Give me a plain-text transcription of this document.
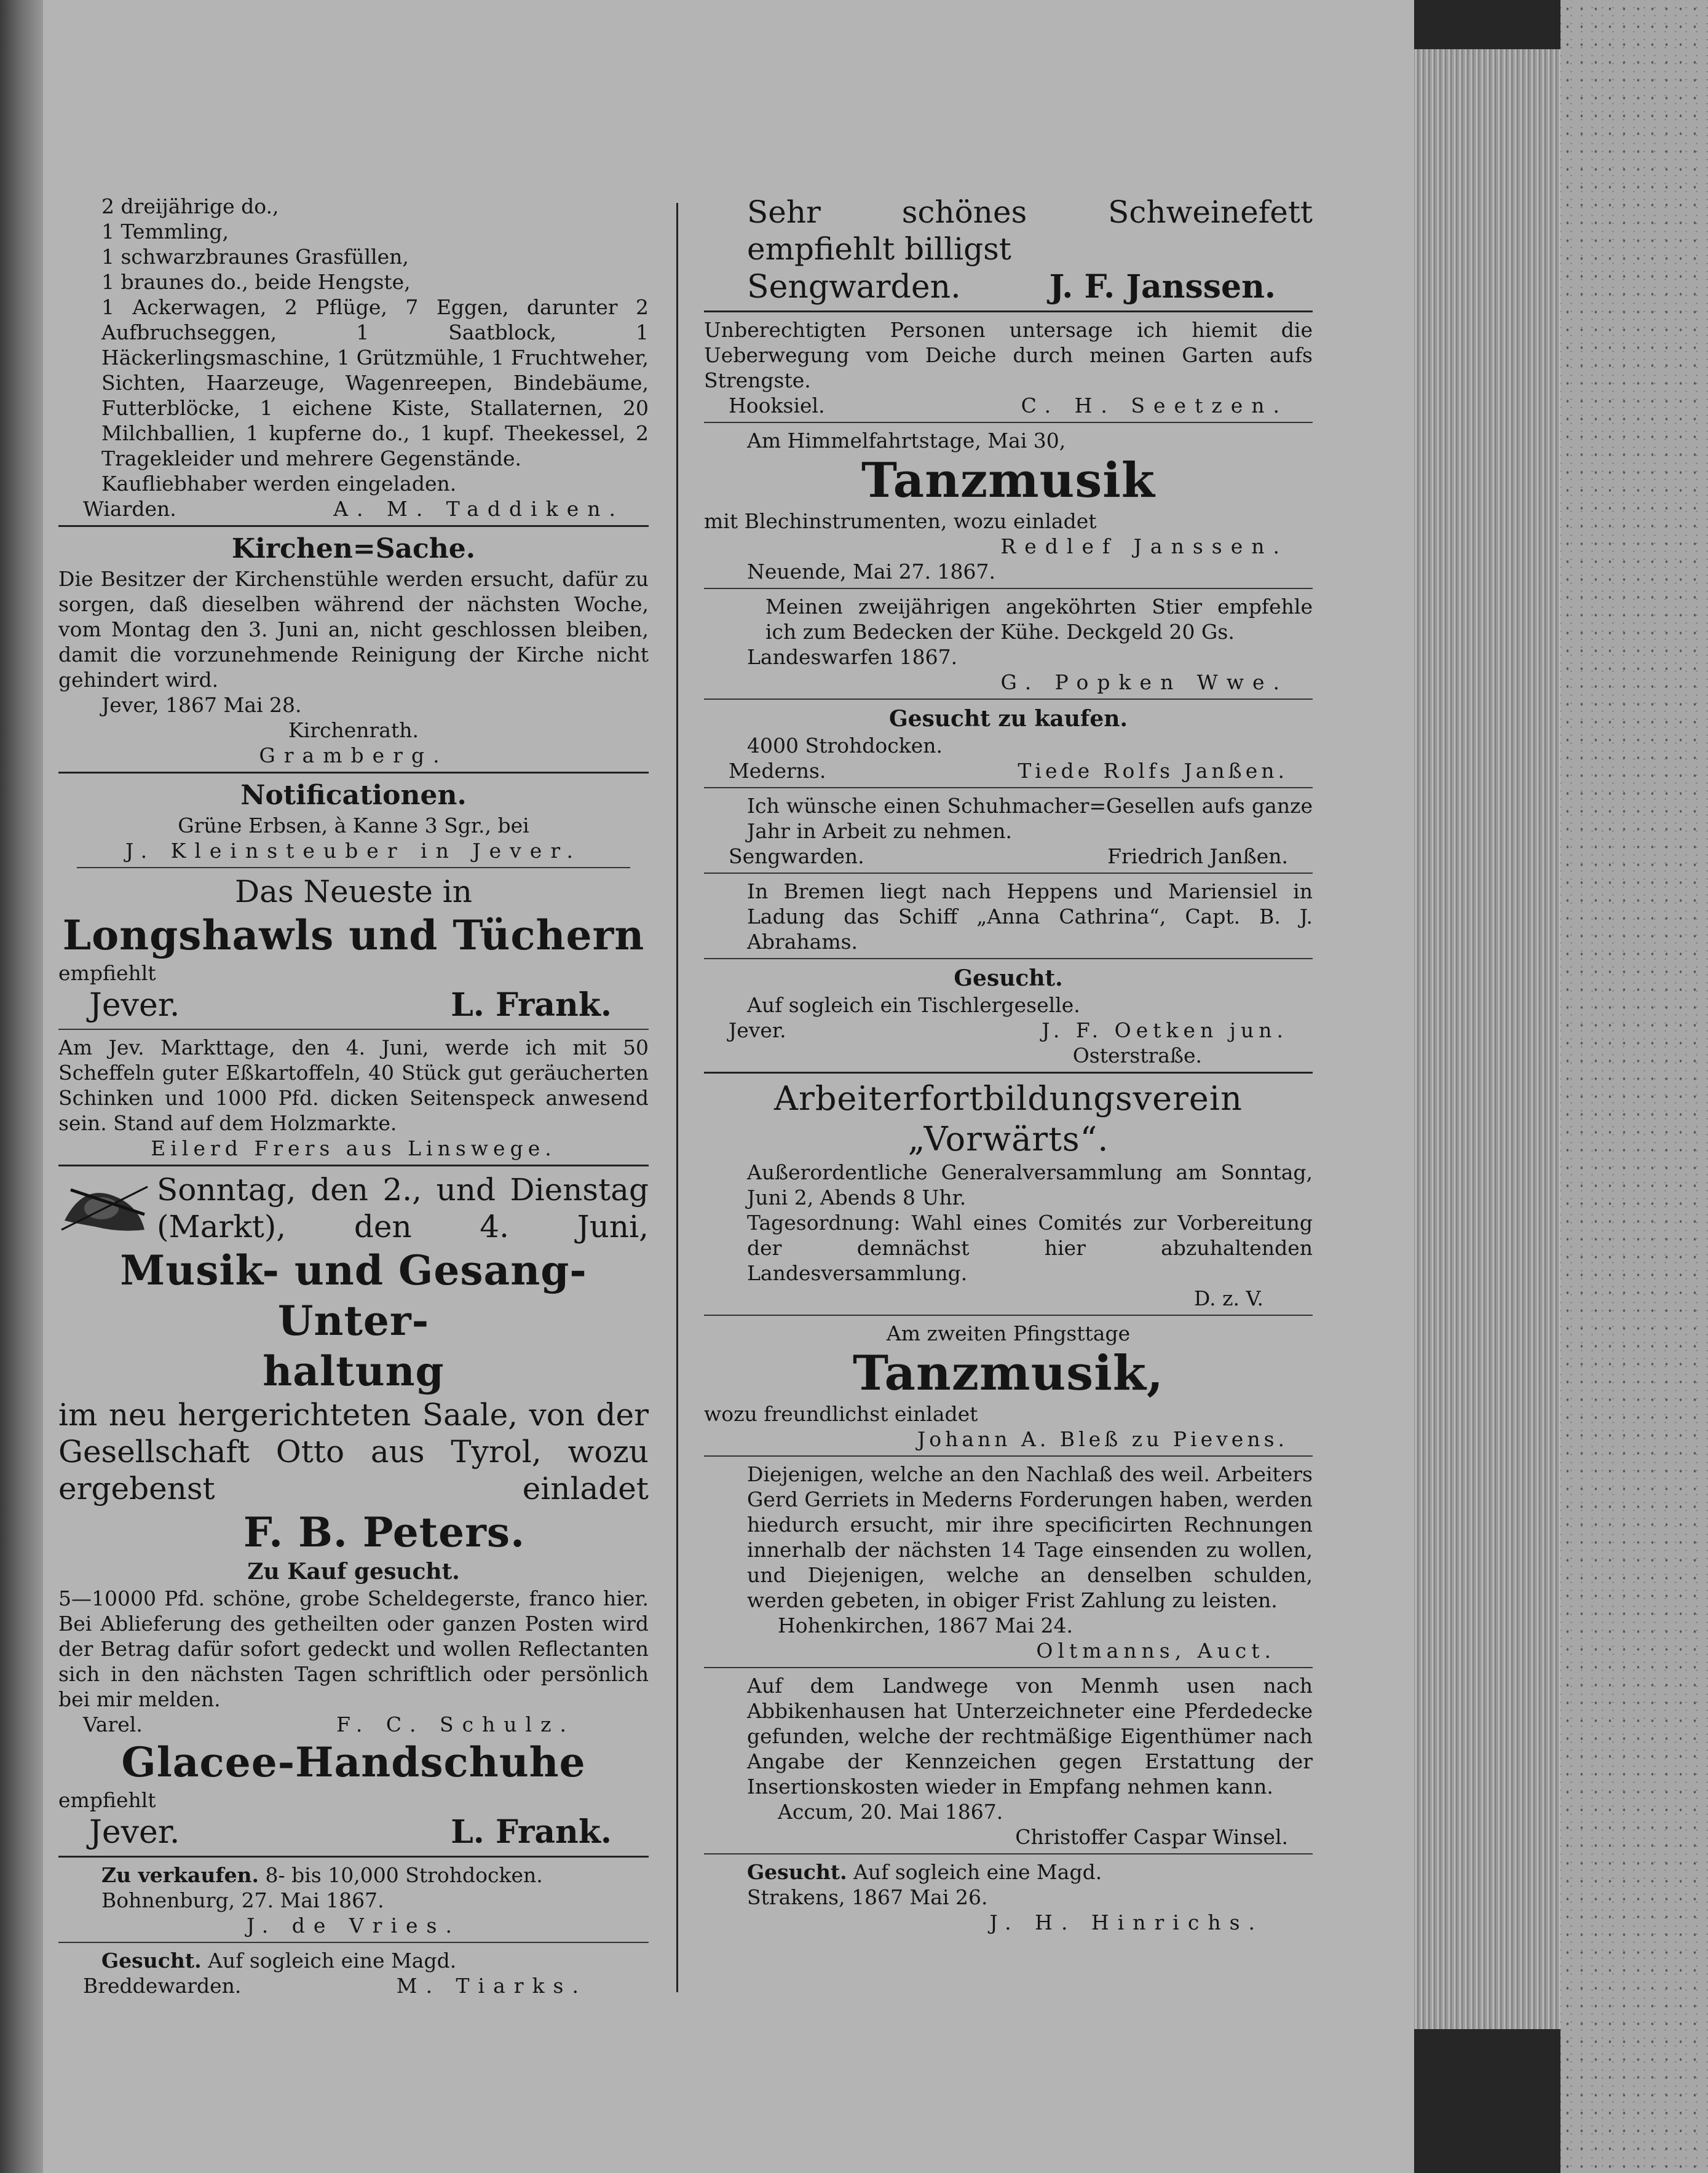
2 dreijährige do.,

1 Temmling,

1 schwarzbraunes Grasfüllen,

1 braunes do., beide Hengste,

1 Ackerwagen, 2 Pflüge, 7 Eggen, darunter 2 Aufbruchseggen, 1 Saatblock, 1 Häckerlingsmaschine, 1 Grützmühle, 1 Fruchtweher, Sichten, Haarzeuge, Wagenreepen, Bindebäume, Futterblöcke, 1 eichene Kiste, Stallaternen, 20 Milchballien, 1 kupferne do., 1 kupf. Theekessel, 2 Tragekleider und mehrere Gegenstände.

Kaufliebhaber werden eingeladen.

Wiarden.	A. M. Taddiken.

Kirchen=Sache.

Die Besitzer der Kirchenstühle werden ersucht, dafür zu sorgen, daß dieselben während der nächsten Woche, vom Montag den 3. Juni an, nicht geschlossen bleiben, damit die vorzunehmende Reinigung der Kirche nicht gehindert wird.

Jever, 1867 Mai 28.

Kirchenrath.

Gramberg.

Notificationen.

Grüne Erbsen, à Kanne 3 Sgr., bei

J. Kleinsteuber in Jever.

Das Neueste in

Longshawls und Tüchern

empfiehlt

Jever.	L. Frank.

Am Jev. Markttage, den 4. Juni, werde ich mit 50 Scheffeln guter Eßkartoffeln, 40 Stück gut geräucherten Schinken und 1000 Pfd. dicken Seitenspeck anwesend sein. Stand auf dem Holzmarkte.

Eilerd Frers aus Linswege.

Sonntag, den 2., und Dienstag (Markt), den 4. Juni,

Musik- und Gesang-Unter-

haltung

im neu hergerichteten Saale, von der Gesellschaft Otto aus Tyrol, wozu ergebenst einladet

F. B. Peters.

Zu Kauf gesucht.

5—10000 Pfd. schöne, grobe Scheldegerste, franco hier. Bei Ablieferung des getheilten oder ganzen Posten wird der Betrag dafür sofort gedeckt und wollen Reflectanten sich in den nächsten Tagen schriftlich oder persönlich bei mir melden.

Varel.	F. C. Schulz.

Glacee-Handschuhe

empfiehlt

Jever.	L. Frank.

Zu verkaufen. 8- bis 10,000 Strohdocken.

Bohnenburg, 27. Mai 1867.

J. de Vries.

Gesucht. Auf sogleich eine Magd.

Breddewarden.	M. Tiarks.

Sehr schönes Schweinefett empfiehlt billigst

Sengwarden.	J. F. Janssen.

Unberechtigten Personen untersage ich hiemit die Ueberwegung vom Deiche durch meinen Garten aufs Strengste.

Hooksiel.	C. H. Seetzen.

Am Himmelfahrtstage, Mai 30,

Tanzmusik

mit Blechinstrumenten, wozu einladet

Redlef Janssen.

Neuende, Mai 27. 1867.

Meinen zweijährigen angeköhrten Stier empfehle ich zum Bedecken der Kühe. Deckgeld 20 Gs.

Landeswarfen 1867.

G. Popken Wwe.

Gesucht zu kaufen.

4000 Strohdocken.

Mederns.	Tiede Rolfs Janßen.

Ich wünsche einen Schuhmacher=Gesellen aufs ganze Jahr in Arbeit zu nehmen.

Sengwarden.	Friedrich Janßen.

In Bremen liegt nach Heppens und Mariensiel in Ladung das Schiff „Anna Cathrina“, Capt. B. J. Abrahams.

Gesucht.

Auf sogleich ein Tischlergeselle.

Jever.	J. F. Oetken jun.

Osterstraße.

Arbeiterfortbildungsverein

„Vorwärts“.

Außerordentliche Generalversammlung am Sonntag, Juni 2, Abends 8 Uhr.

Tagesordnung: Wahl eines Comités zur Vorbereitung der demnächst hier abzuhaltenden Landesversammlung.

D. z. V.

Am zweiten Pfingsttage

Tanzmusik,

wozu freundlichst einladet

Johann A. Bleß zu Pievens.

Diejenigen, welche an den Nachlaß des weil. Arbeiters Gerd Gerriets in Mederns Forderungen haben, werden hiedurch ersucht, mir ihre specificirten Rechnungen innerhalb der nächsten 14 Tage einsenden zu wollen, und Diejenigen, welche an denselben schulden, werden gebeten, in obiger Frist Zahlung zu leisten.

Hohenkirchen, 1867 Mai 24.

Oltmanns, Auct.

Auf dem Landwege von Menmh usen nach Abbikenhausen hat Unterzeichneter eine Pferdedecke gefunden, welche der rechtmäßige Eigenthümer nach Angabe der Kennzeichen gegen Erstattung der Insertionskosten wieder in Empfang nehmen kann.

Accum, 20. Mai 1867.

Christoffer Caspar Winsel.

Gesucht. Auf sogleich eine Magd.

Strakens, 1867 Mai 26.

J. H. Hinrichs.
